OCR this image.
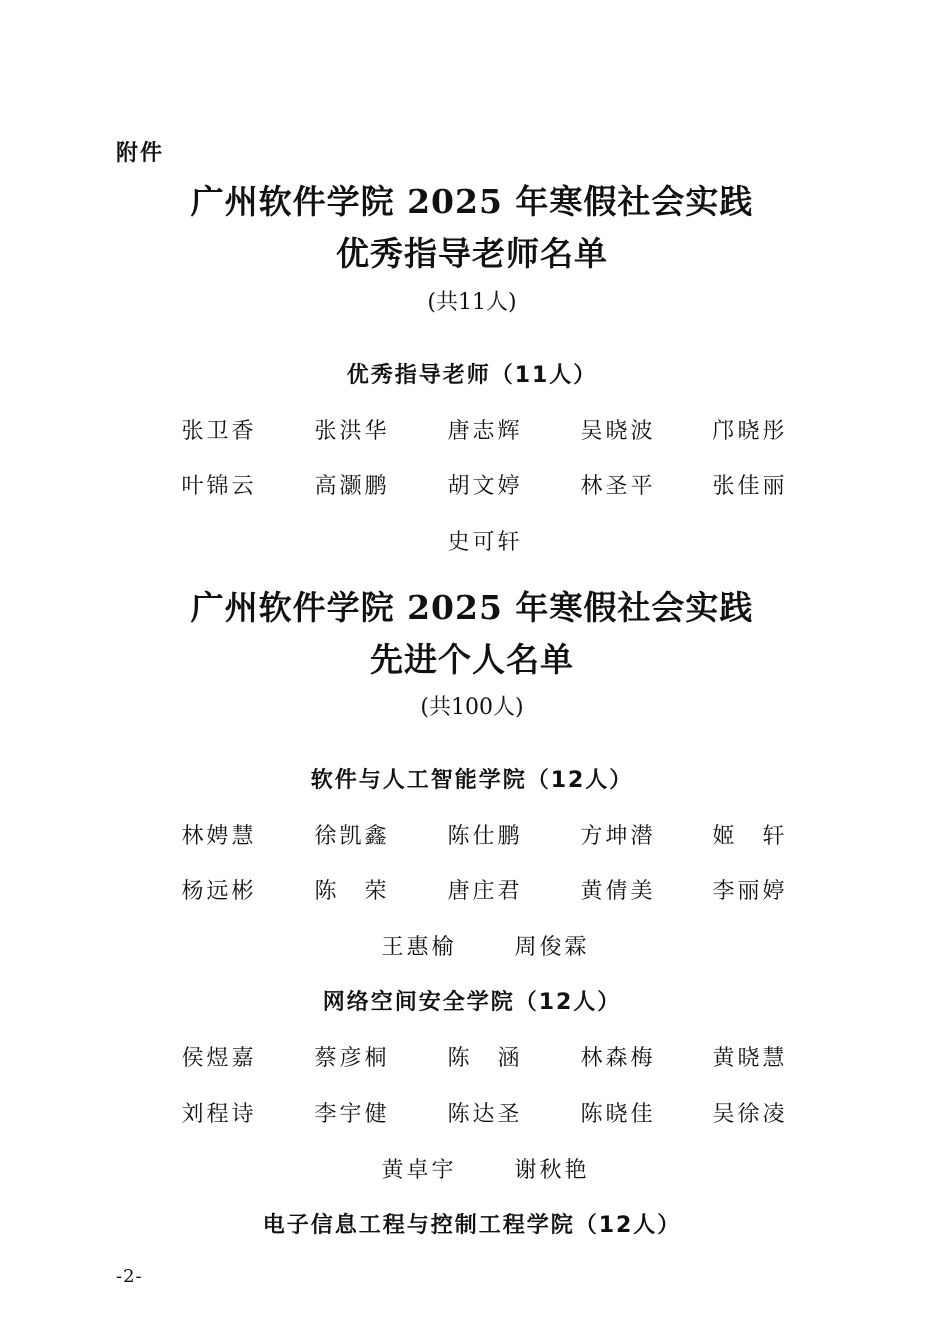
附件
广州软件学院 2025 年寒假社会实践
优秀指导老师名单
(共11人)
优秀指导老师（11人）
张卫香	张洪华	唐志辉	吴晓波	邝晓彤
叶锦云	高灏鹏	胡文婷	林圣平	张佳丽
史可轩
广州软件学院 2025 年寒假社会实践
先进个人名单
(共100人)
软件与人工智能学院（12人）
林娉慧	徐凯鑫	陈仕鹏	方坤潜	姬　轩
杨远彬	陈　荣	唐庄君	黄倩美	李丽婷
王惠榆	周俊霖
网络空间安全学院（12人）
侯煜嘉	蔡彦桐	陈　涵	林森梅	黄晓慧
刘程诗	李宇健	陈达圣	陈晓佳	吴徐凌
黄卓宇	谢秋艳
电子信息工程与控制工程学院（12人）
-2-
